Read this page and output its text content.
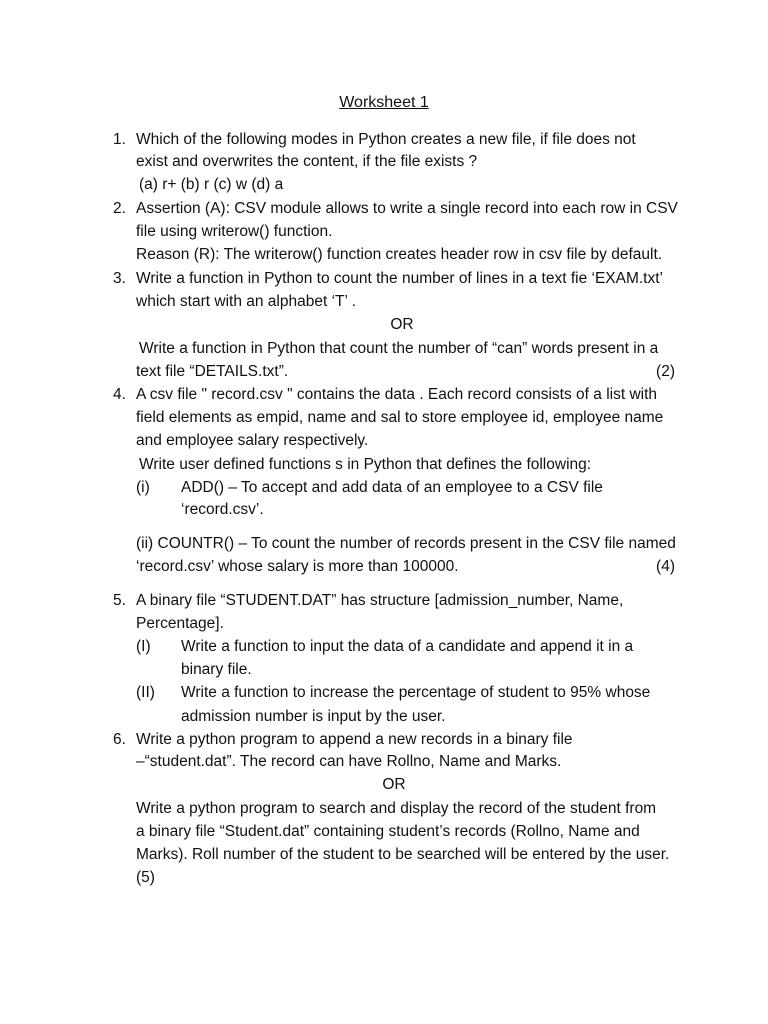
Worksheet 1
1. Which of the following modes in Python creates a new file, if file does not
exist and overwrites the content, if the file exists ?
(a) r+ (b) r (c) w (d) a
2. Assertion (A): CSV module allows to write a single record into each row in CSV
file using writerow() function.
Reason (R): The writerow() function creates header row in csv file by default.
3. Write a function in Python to count the number of lines in a text fie ‘EXAM.txt’
which start with an alphabet ‘T’ .
OR
Write a function in Python that count the number of “can” words present in a
text file “DETAILS.txt”.	(2)
4. A csv file " record.csv " contains the data . Each record consists of a list with
field elements as empid, name and sal to store employee id, employee name
and employee salary respectively.
Write user defined functions s in Python that defines the following:
(i) ADD() – To accept and add data of an employee to a CSV file
‘record.csv’.
(ii) COUNTR() – To count the number of records present in the CSV file named
‘record.csv’ whose salary is more than 100000.	(4)
5. A binary file “STUDENT.DAT” has structure [admission_number, Name,
Percentage].
(I) Write a function to input the data of a candidate and append it in a
binary file.
(II) Write a function to increase the percentage of student to 95% whose
admission number is input by the user.
6. Write a python program to append a new records in a binary file
–“student.dat”. The record can have Rollno, Name and Marks.
OR
Write a python program to search and display the record of the student from
a binary file “Student.dat” containing student’s records (Rollno, Name and
Marks). Roll number of the student to be searched will be entered by the user.
(5)
